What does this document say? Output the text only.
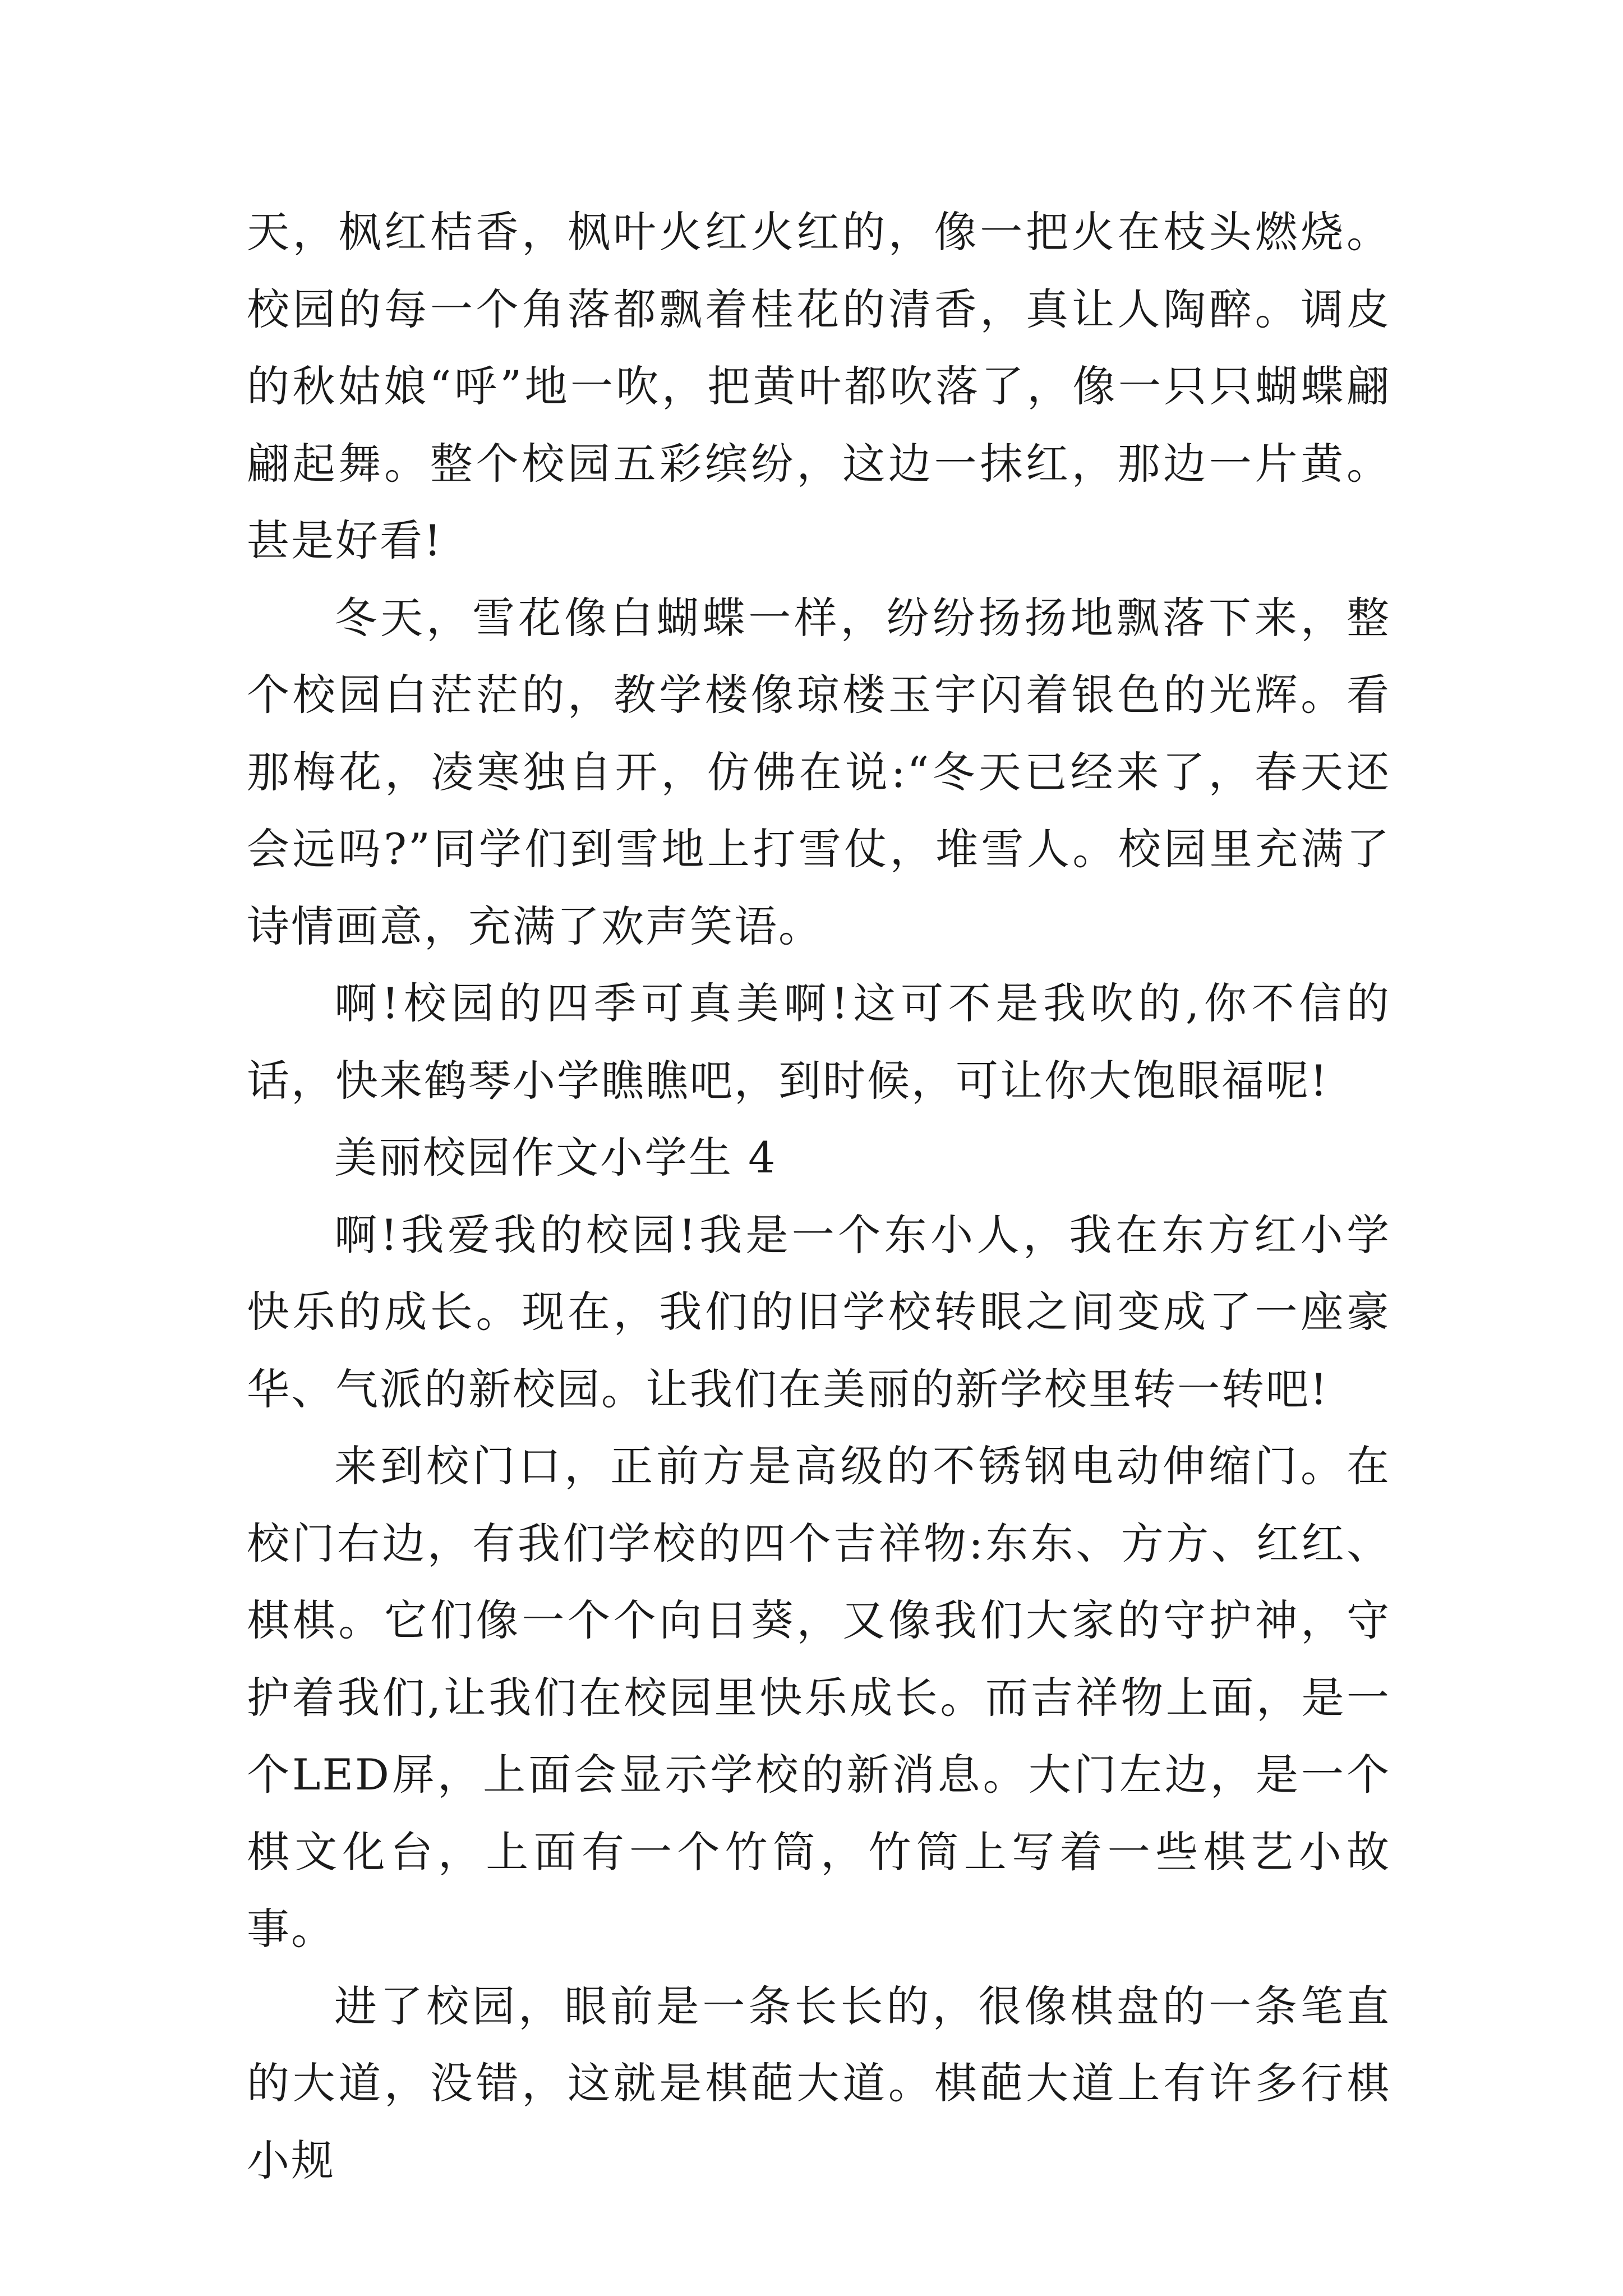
天，枫红桔香，枫叶火红火红的，像一把火在枝头燃烧。校园的每一个角落都飘着桂花的清香，真让人陶醉。调皮的秋姑娘“呼”地一吹，把黄叶都吹落了，像一只只蝴蝶翩翩起舞。整个校园五彩缤纷，这边一抹红，那边一片黄。甚是好看!

冬天，雪花像白蝴蝶一样，纷纷扬扬地飘落下来，整个校园白茫茫的，教学楼像琼楼玉宇闪着银色的光辉。看那梅花，凌寒独自开，仿佛在说:“冬天已经来了，春天还会远吗?”同学们到雪地上打雪仗，堆雪人。校园里充满了诗情画意，充满了欢声笑语。

啊!校园的四季可真美啊!这可不是我吹的,你不信的话，快来鹤琴小学瞧瞧吧，到时候，可让你大饱眼福呢!

美丽校园作文小学生 4

啊!我爱我的校园!我是一个东小人，我在东方红小学快乐的成长。现在，我们的旧学校转眼之间变成了一座豪华、气派的新校园。让我们在美丽的新学校里转一转吧!

来到校门口，正前方是高级的不锈钢电动伸缩门。在校门右边，有我们学校的四个吉祥物:东东、方方、红红、棋棋。它们像一个个向日葵，又像我们大家的守护神，守护着我们,让我们在校园里快乐成长。而吉祥物上面，是一个LED屏，上面会显示学校的新消息。大门左边，是一个棋文化台，上面有一个竹筒，竹筒上写着一些棋艺小故事。

进了校园，眼前是一条长长的，很像棋盘的一条笔直的大道，没错，这就是棋葩大道。棋葩大道上有许多行棋小规
